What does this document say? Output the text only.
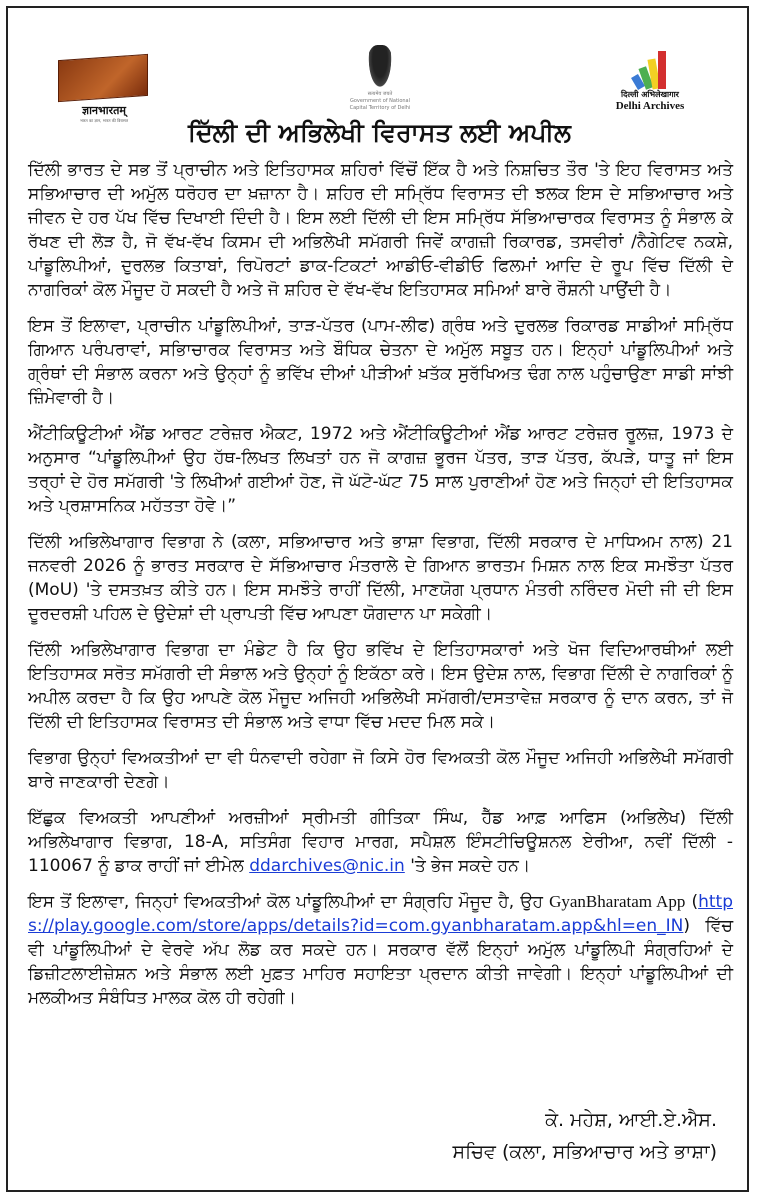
ज्ञानभारतम्
भारत का ज्ञान, भारत की विरासत
सत्यमेव जयते
Government of National
Capital Territory of Delhi
दिल्ली अभिलेखागार
Delhi Archives
ਦਿੱਲੀ ਦੀ ਅਭਿਲੇਖੀ ਵਿਰਾਸਤ ਲਈ ਅਪੀਲ

ਦਿੱਲੀ ਭਾਰਤ ਦੇ ਸਭ ਤੋਂ ਪ੍ਰਾਚੀਨ ਅਤੇ ਇਤਿਹਾਸਕ ਸ਼ਹਿਰਾਂ ਵਿੱਚੋਂ ਇੱਕ ਹੈ ਅਤੇ ਨਿਸ਼ਚਿਤ ਤੌਰ 'ਤੇ ਇਹ ਵਿਰਾਸਤ ਅਤੇ ਸਭਿਆਚਾਰ ਦੀ ਅਮੁੱਲ ਧਰੋਹਰ ਦਾ ਖ਼ਜ਼ਾਨਾ ਹੈ। ਸ਼ਹਿਰ ਦੀ ਸਮ੍ਰਿੱਧ ਵਿਰਾਸਤ ਦੀ ਝਲਕ ਇਸ ਦੇ ਸਭਿਆਚਾਰ ਅਤੇ ਜੀਵਨ ਦੇ ਹਰ ਪੱਖ ਵਿੱਚ ਦਿਖਾਈ ਦਿੰਦੀ ਹੈ। ਇਸ ਲਈ ਦਿੱਲੀ ਦੀ ਇਸ ਸਮ੍ਰਿੱਧ ਸੱਭਿਆਚਾਰਕ ਵਿਰਾਸਤ ਨੂੰ ਸੰਭਾਲ ਕੇ ਰੱਖਣ ਦੀ ਲੋੜ ਹੈ, ਜੋ ਵੱਖ-ਵੱਖ ਕਿਸਮ ਦੀ ਅਭਿਲੇਖੀ ਸਮੱਗਰੀ ਜਿਵੇਂ ਕਾਗਜ਼ੀ ਰਿਕਾਰਡ, ਤਸਵੀਰਾਂ /ਨੈਗੇਟਿਵ ਨਕਸ਼ੇ, ਪਾਂਡੂਲਿਪੀਆਂ, ਦੁਰਲਭ ਕਿਤਾਬਾਂ, ਰਿਪੋਰਟਾਂ ਡਾਕ-ਟਿਕਟਾਂ ਆਡੀਓ-ਵੀਡੀਓ ਫਿਲਮਾਂ ਆਦਿ ਦੇ ਰੂਪ ਵਿੱਚ ਦਿੱਲੀ ਦੇ ਨਾਗਰਿਕਾਂ ਕੋਲ ਮੌਜੂਦ ਹੋ ਸਕਦੀ ਹੈ ਅਤੇ ਜੋ ਸ਼ਹਿਰ ਦੇ ਵੱਖ-ਵੱਖ ਇਤਿਹਾਸਕ ਸਮਿਆਂ ਬਾਰੇ ਰੌਸ਼ਨੀ ਪਾਉਂਦੀ ਹੈ।

ਇਸ ਤੋਂ ਇਲਾਵਾ, ਪ੍ਰਾਚੀਨ ਪਾਂਡੂਲਿਪੀਆਂ, ਤਾੜ-ਪੱਤਰ (ਪਾਮ-ਲੀਫ) ਗ੍ਰੰਥ ਅਤੇ ਦੁਰਲਭ ਰਿਕਾਰਡ ਸਾਡੀਆਂ ਸਮ੍ਰਿੱਧ ਗਿਆਨ ਪਰੰਪਰਾਵਾਂ, ਸਭਿਾਚਾਰਕ ਵਿਰਾਸਤ ਅਤੇ ਬੌਧਿਕ ਚੇਤਨਾ ਦੇ ਅਮੁੱਲ ਸਬੂਤ ਹਨ। ਇਨ੍ਹਾਂ ਪਾਂਡੂਲਿਪੀਆਂ ਅਤੇ ਗ੍ਰੰਥਾਂ ਦੀ ਸੰਭਾਲ ਕਰਨਾ ਅਤੇ ਉਨ੍ਹਾਂ ਨੂੰ ਭਵਿੱਖ ਦੀਆਂ ਪੀੜੀਆਂ ਖ਼ਤੱਕ ਸੁਰੱਖਿਅਤ ਢੰਗ ਨਾਲ ਪਹੁੰਚਾਉਣਾ ਸਾਡੀ ਸਾਂਝੀ ਜ਼ਿੰਮੇਵਾਰੀ ਹੈ।

ਐਂਟੀਕਿਊਟੀਆਂ ਐਂਡ ਆਰਟ ਟਰੇਜ਼ਰ ਐਕਟ, 1972 ਅਤੇ ਐਂਟੀਕਿਊਟੀਆਂ ਐਂਡ ਆਰਟ ਟਰੇਜ਼ਰ ਰੂਲਜ਼, 1973 ਦੇ ਅਨੁਸਾਰ “ਪਾਂਡੂਲਿਪੀਆਂ ਉਹ ਹੱਥ-ਲਿਖਤ ਲਿਖਤਾਂ ਹਨ ਜੋ ਕਾਗਜ਼ ਭੂਰਜ ਪੱਤਰ, ਤਾੜ ਪੱਤਰ, ਕੱਪੜੇ, ਧਾਤੂ ਜਾਂ ਇਸ ਤਰ੍ਹਾਂ ਦੇ ਹੋਰ ਸਮੱਗਰੀ 'ਤੇ ਲਿਖੀਆਂ ਗਈਆਂ ਹੋਣ, ਜੋ ਘੱਟੋ-ਘੱਟ 75 ਸਾਲ ਪੁਰਾਣੀਆਂ ਹੋਣ ਅਤੇ ਜਿਨ੍ਹਾਂ ਦੀ ਇਤਿਹਾਸਕ ਅਤੇ ਪ੍ਰਸ਼ਾਸਨਿਕ ਮਹੱਤਤਾ ਹੋਵੇ।”

ਦਿੱਲੀ ਅਭਿਲੇਖਾਗਾਰ ਵਿਭਾਗ ਨੇ (ਕਲਾ, ਸਭਿਆਚਾਰ ਅਤੇ ਭਾਸ਼ਾ ਵਿਭਾਗ, ਦਿੱਲੀ ਸਰਕਾਰ ਦੇ ਮਾਧਿਅਮ ਨਾਲ) 21 ਜਨਵਰੀ 2026 ਨੂੰ ਭਾਰਤ ਸਰਕਾਰ ਦੇ ਸੱਭਿਆਚਾਰ ਮੰਤਰਾਲੇ ਦੇ ਗਿਆਨ ਭਾਰਤਮ ਮਿਸ਼ਨ ਨਾਲ ਇਕ ਸਮਝੌਤਾ ਪੱਤਰ (MoU) 'ਤੇ ਦਸਤਖ਼ਤ ਕੀਤੇ ਹਨ। ਇਸ ਸਮਝੌਤੇ ਰਾਹੀਂ ਦਿੱਲੀ, ਮਾਣਯੋਗ ਪ੍ਰਧਾਨ ਮੰਤਰੀ ਨਰਿੰਦਰ ਮੋਦੀ ਜੀ ਦੀ ਇਸ ਦੂਰਦਰਸ਼ੀ ਪਹਿਲ ਦੇ ਉਦੇਸ਼ਾਂ ਦੀ ਪ੍ਰਾਪਤੀ ਵਿੱਚ ਆਪਣਾ ਯੋਗਦਾਨ ਪਾ ਸਕੇਗੀ।

ਦਿੱਲੀ ਅਭਿਲੇਖਾਗਾਰ ਵਿਭਾਗ ਦਾ ਮੰਡੇਟ ਹੈ ਕਿ ਉਹ ਭਵਿੱਖ ਦੇ ਇਤਿਹਾਸਕਾਰਾਂ ਅਤੇ ਖੋਜ ਵਿਦਿਆਰਥੀਆਂ ਲਈ ਇਤਿਹਾਸਕ ਸਰੋਤ ਸਮੱਗਰੀ ਦੀ ਸੰਭਾਲ ਅਤੇ ਉਨ੍ਹਾਂ ਨੂੰ ਇਕੱਠਾ ਕਰੇ। ਇਸ ਉਦੇਸ਼ ਨਾਲ, ਵਿਭਾਗ ਦਿੱਲੀ ਦੇ ਨਾਗਰਿਕਾਂ ਨੂੰ ਅਪੀਲ ਕਰਦਾ ਹੈ ਕਿ ਉਹ ਆਪਣੇ ਕੋਲ ਮੌਜੂਦ ਅਜਿਹੀ ਅਭਿਲੇਖੀ ਸਮੱਗਰੀ/ਦਸਤਾਵੇਜ਼ ਸਰਕਾਰ ਨੂੰ ਦਾਨ ਕਰਨ, ਤਾਂ ਜੋ ਦਿੱਲੀ ਦੀ ਇਤਿਹਾਸਕ ਵਿਰਾਸਤ ਦੀ ਸੰਭਾਲ ਅਤੇ ਵਾਧਾ ਵਿੱਚ ਮਦਦ ਮਿਲ ਸਕੇ।

ਵਿਭਾਗ ਉਨ੍ਹਾਂ ਵਿਅਕਤੀਆਂ ਦਾ ਵੀ ਧੰਨਵਾਦੀ ਰਹੇਗਾ ਜੋ ਕਿਸੇ ਹੋਰ ਵਿਅਕਤੀ ਕੋਲ ਮੌਜੂਦ ਅਜਿਹੀ ਅਭਿਲੇਖੀ ਸਮੱਗਰੀ ਬਾਰੇ ਜਾਣਕਾਰੀ ਦੇਣਗੇ।

ਇੱਛੁਕ ਵਿਅਕਤੀ ਆਪਣੀਆਂ ਅਰਜ਼ੀਆਂ ਸ੍ਰੀਮਤੀ ਗੀਤਿਕਾ ਸਿੰਘ, ਹੈੱਡ ਆਫ਼ ਆਫਿਸ (ਅਭਿਲੇਖ) ਦਿੱਲੀ ਅਭਿਲੇਖਾਗਾਰ ਵਿਭਾਗ, 18-A, ਸਤਿਸੰਗ ਵਿਹਾਰ ਮਾਰਗ, ਸਪੈਸ਼ਲ ਇੰਸਟੀਚਿਊਸ਼ਨਲ ਏਰੀਆ, ਨਵੀਂ ਦਿੱਲੀ - 110067 ਨੂੰ ਡਾਕ ਰਾਹੀਂ ਜਾਂ ਈਮੇਲ ddarchives@nic.in 'ਤੇ ਭੇਜ ਸਕਦੇ ਹਨ।

ਇਸ ਤੋਂ ਇਲਾਵਾ, ਜਿਨ੍ਹਾਂ ਵਿਅਕਤੀਆਂ ਕੋਲ ਪਾਂਡੂਲਿਪੀਆਂ ਦਾ ਸੰਗ੍ਰਹਿ ਮੌਜੂਦ ਹੈ, ਉਹ GyanBharatam App (https://play.google.com/store/apps/details?id=com.gyanbharatam.app&hl=en_IN) ਵਿੱਚ ਵੀ ਪਾਂਡੂਲਿਪੀਆਂ ਦੇ ਵੇਰਵੇ ਅੱਪ ਲੋਡ ਕਰ ਸਕਦੇ ਹਨ। ਸਰਕਾਰ ਵੱਲੋਂ ਇਨ੍ਹਾਂ ਅਮੁੱਲ ਪਾਂਡੂਲਿਪੀ ਸੰਗ੍ਰਹਿਆਂ ਦੇ ਡਿਜ਼ੀਟਲਾਈਜ਼ੇਸ਼ਨ ਅਤੇ ਸੰਭਾਲ ਲਈ ਮੁਫ਼ਤ ਮਾਹਿਰ ਸਹਾਇਤਾ ਪ੍ਰਦਾਨ ਕੀਤੀ ਜਾਵੇਗੀ। ਇਨ੍ਹਾਂ ਪਾਂਡੂਲਿਪੀਆਂ ਦੀ ਮਲਕੀਅਤ ਸੰਬੰਧਿਤ ਮਾਲਕ ਕੋਲ ਹੀ ਰਹੇਗੀ।

ਕੇ. ਮਹੇਸ਼, ਆਈ.ਏ.ਐਸ.
ਸਚਿਵ (ਕਲਾ, ਸਭਿਆਚਾਰ ਅਤੇ ਭਾਸ਼ਾ)
